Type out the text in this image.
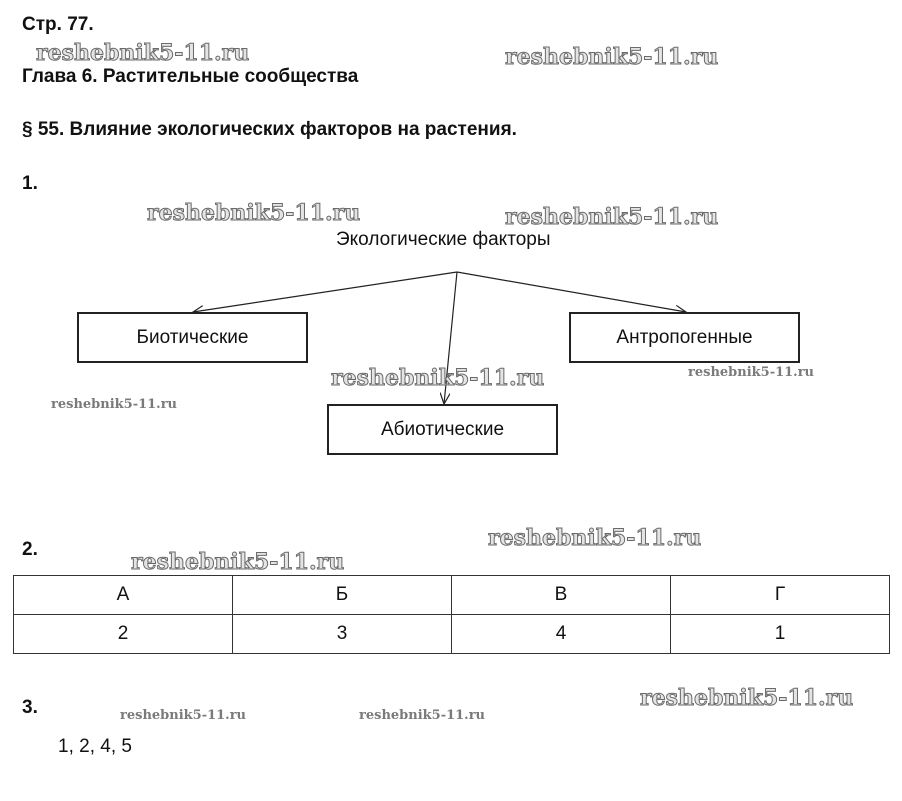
Стр. 77.
Глава 6. Растительные сообщества
§ 55. Влияние экологических факторов на растения.
1.
Экологические факторы
Биотические
Абиотические
Антропогенные
2.
А	Б	В	Г
2	3	4	1
3.
1, 2, 4, 5
reshebnik5-11.ru	reshebnik5-11.ru
reshebnik5-11.ru	reshebnik5-11.ru
reshebnik5-11.ru	reshebnik5-11.ru
reshebnik5-11.ru
reshebnik5-11.ru
reshebnik5-11.ru
reshebnik5-11.ru
reshebnik5-11.ru	reshebnik5-11.ru
